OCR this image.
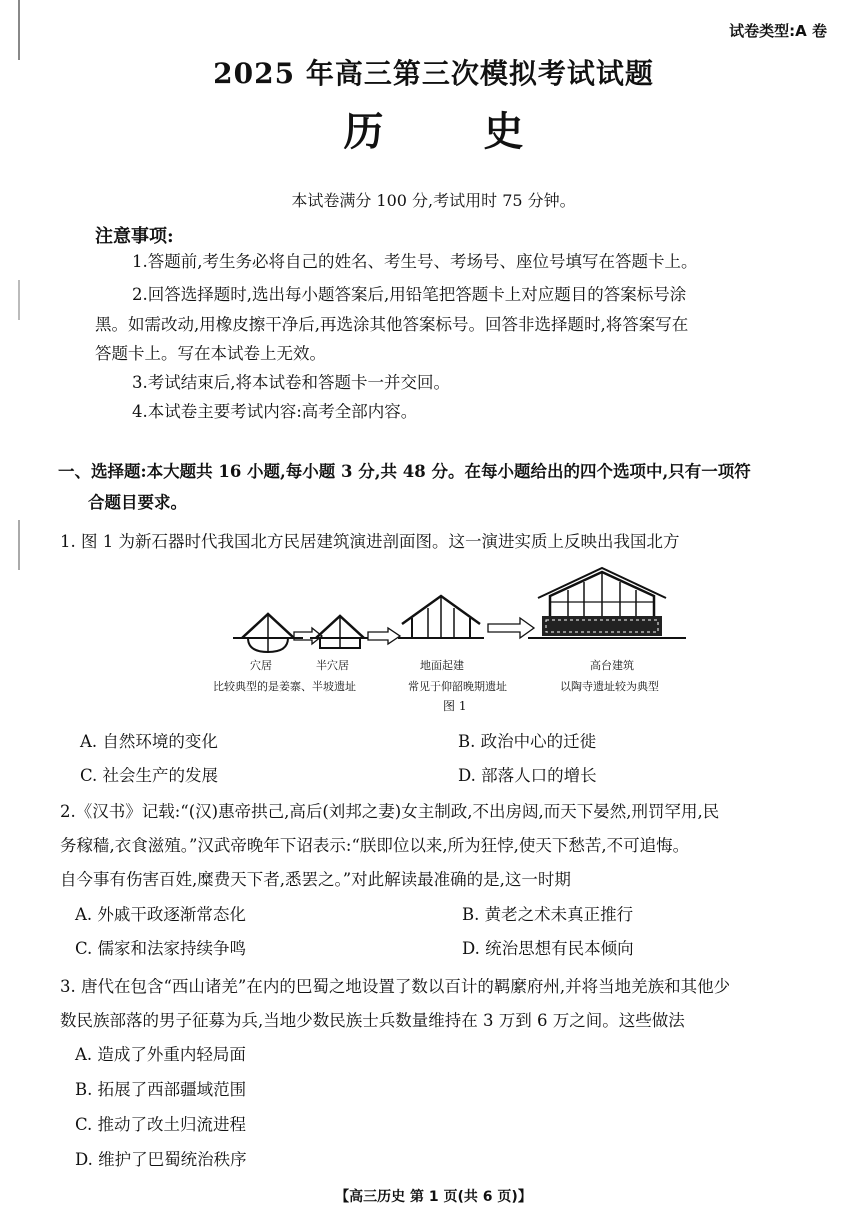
试卷类型:A 卷
2025 年高三第三次模拟考试试题
历	史
本试卷满分 100 分,考试用时 75 分钟。
注意事项:
1.答题前,考生务必将自己的姓名、考生号、考场号、座位号填写在答题卡上。
2.回答选择题时,选出每小题答案后,用铅笔把答题卡上对应题目的答案标号涂
黑。如需改动,用橡皮擦干净后,再选涂其他答案标号。回答非选择题时,将答案写在
答题卡上。写在本试卷上无效。
3.考试结束后,将本试卷和答题卡一并交回。
4.本试卷主要考试内容:高考全部内容。
一、选择题:本大题共 16 小题,每小题 3 分,共 48 分。在每小题给出的四个选项中,只有一项符
合题目要求。
1. 图 1 为新石器时代我国北方民居建筑演进剖面图。这一演进实质上反映出我国北方
穴居	半穴居	地面起建	高台建筑
比较典型的是姜寨、半坡遗址	常见于仰韶晚期遗址	以陶寺遗址较为典型
图 1
A. 自然环境的变化	B. 政治中心的迁徙
C. 社会生产的发展	D. 部落人口的增长
2.《汉书》记载:“(汉)惠帝拱己,高后(刘邦之妻)女主制政,不出房闼,而天下晏然,刑罚罕用,民
务稼穑,衣食滋殖。”汉武帝晚年下诏表示:“朕即位以来,所为狂悖,使天下愁苦,不可追悔。
自今事有伤害百姓,糜费天下者,悉罢之。”对此解读最准确的是,这一时期
A. 外戚干政逐渐常态化	B. 黄老之术未真正推行
C. 儒家和法家持续争鸣	D. 统治思想有民本倾向
3. 唐代在包含“西山诸羌”在内的巴蜀之地设置了数以百计的羁縻府州,并将当地羌族和其他少
数民族部落的男子征募为兵,当地少数民族士兵数量维持在 3 万到 6 万之间。这些做法
A. 造成了外重内轻局面
B. 拓展了西部疆域范围
C. 推动了改土归流进程
D. 维护了巴蜀统治秩序
【高三历史 第 1 页(共 6 页)】
